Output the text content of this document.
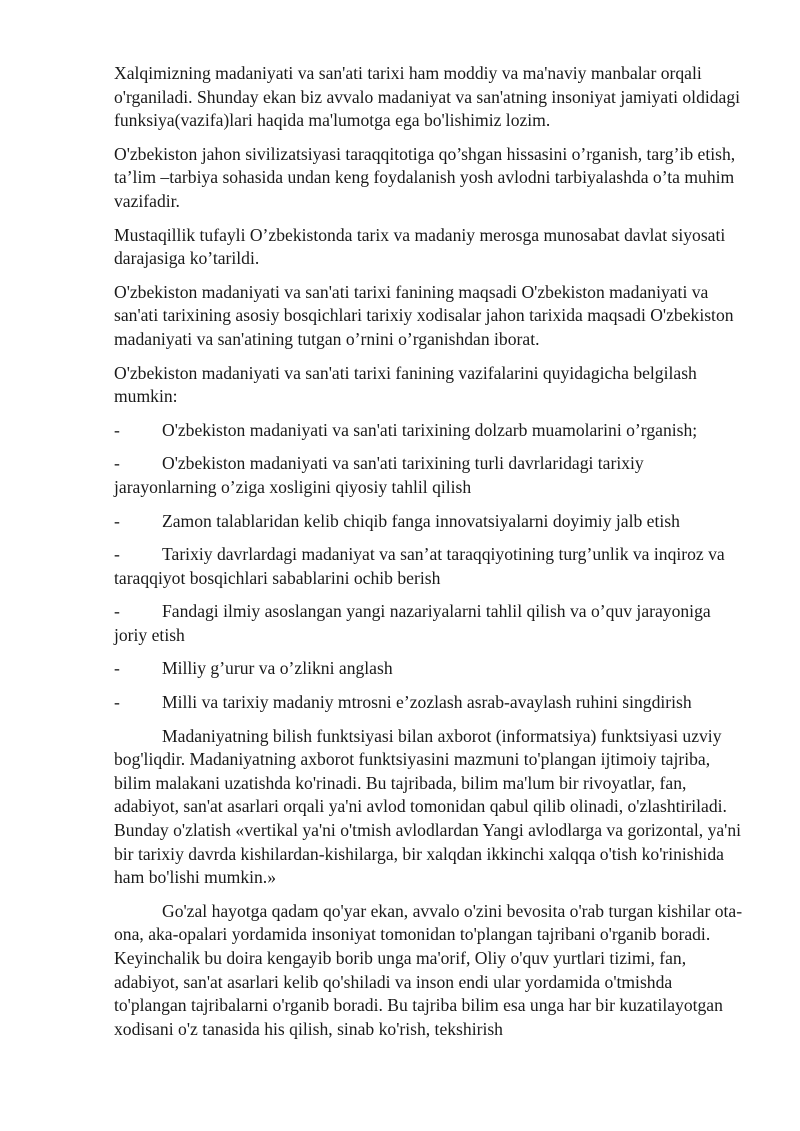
Xalqimizning madaniyati va san'ati tarixi ham moddiy va ma'naviy manbalar orqali o'rganiladi. Shunday ekan biz avvalo madaniyat va san'atning insoniyat jamiyati oldidagi funksiya(vazifa)lari haqida ma'lumotga ega bo'lishimiz lozim.

O'zbekiston jahon sivilizatsiyasi taraqqitotiga qo’shgan hissasini o’rganish, targ’ib etish, ta’lim –tarbiya sohasida undan keng foydalanish yosh avlodni tarbiyalashda o’ta muhim vazifadir.

Mustaqillik tufayli O’zbekistonda tarix va madaniy merosga munosabat davlat siyosati darajasiga ko’tarildi.

O'zbekiston madaniyati va san'ati tarixi fanining maqsadi O'zbekiston madaniyati va san'ati tarixining asosiy bosqichlari tarixiy xodisalar jahon tarixida maqsadi O'zbekiston madaniyati va san'atining tutgan o’rnini o’rganishdan iborat.

O'zbekiston madaniyati va san'ati tarixi fanining vazifalarini quyidagicha belgilash mumkin:

- O'zbekiston madaniyati va san'ati tarixining dolzarb muamolarini o’rganish;
- O'zbekiston madaniyati va san'ati tarixining turli davrlaridagi tarixiy jarayonlarning o’ziga xosligini qiyosiy tahlil qilish
- Zamon talablaridan kelib chiqib fanga innovatsiyalarni doyimiy jalb etish
- Tarixiy davrlardagi madaniyat va san’at taraqqiyotining turg’unlik va inqiroz va taraqqiyot bosqichlari sabablarini ochib berish
- Fandagi ilmiy asoslangan yangi nazariyalarni tahlil qilish va o’quv jarayoniga joriy etish
- Milliy g’urur va o’zlikni anglash
- Milli va tarixiy madaniy mtrosni e’zozlash asrab-avaylash ruhini singdirish

Madaniyatning bilish funktsiyasi bilan axborot (informatsiya) funktsiyasi uzviy bog'liqdir. Madaniyatning axborot funktsiyasini mazmuni to'plangan ijtimoiy tajriba, bilim malakani uzatishda ko'rinadi. Bu tajribada, bilim ma'lum bir rivoyatlar, fan, adabiyot, san'at asarlari orqali ya'ni avlod tomonidan qabul qilib olinadi, o'zlashtiriladi. Bunday o'zlatish «vertikal ya'ni o'tmish avlodlardan Yangi avlodlarga va gorizontal, ya'ni bir tarixiy davrda kishilardan-kishilarga, bir xalqdan ikkinchi xalqqa o'tish ko'rinishida ham bo'lishi mumkin.»

Go'zal hayotga qadam qo'yar ekan, avvalo o'zini bevosita o'rab turgan kishilar ota-ona, aka-opalari yordamida insoniyat tomonidan to'plangan tajribani o'rganib boradi. Keyinchalik bu doira kengayib borib unga ma'orif, Oliy o'quv yurtlari tizimi, fan, adabiyot, san'at asarlari kelib qo'shiladi va inson endi ular yordamida o'tmishda to'plangan tajribalarni o'rganib boradi. Bu tajriba bilim esa unga har bir kuzatilayotgan xodisani o'z tanasida his qilish, sinab ko'rish, tekshirish
